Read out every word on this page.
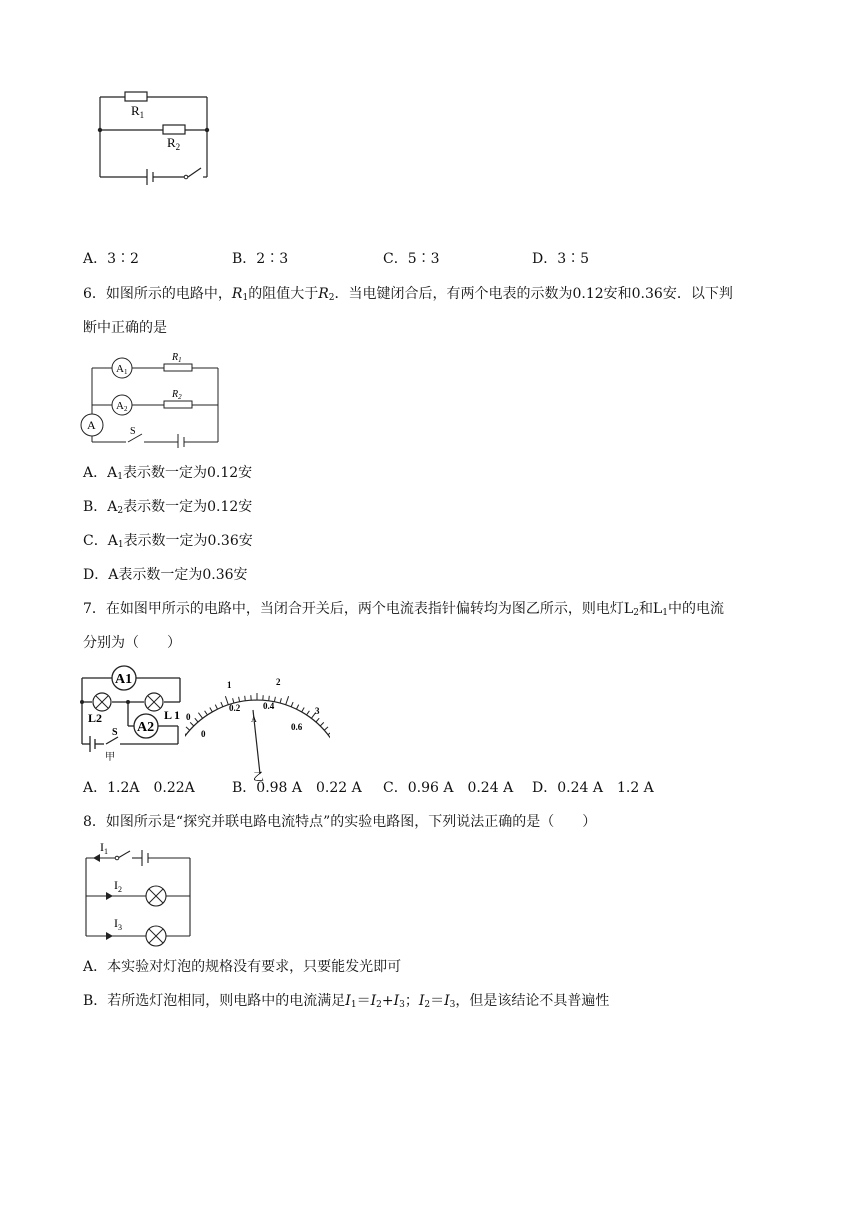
$R_1$
$R_2$
A．3∶2	B．2∶3	C．5∶3	D．3∶5
6．如图所示的电路中，$R_1$的阻值大于$R_2$．当电键闭合后，有两个电表的示数为0.12安和0.36安．以下判
断中正确的是
A1
A2
A
$R_1$
$R_2$
S
A．$A_1$表示数一定为0.12安
B．$A_2$表示数一定为0.12安
C．$A_1$表示数一定为0.36安
D．A表示数一定为0.36安
7．在如图甲所示的电路中，当闭合开关后，两个电流表指针偏转均为图乙所示，则电灯$L_2$和$L_1$中的电流
分别为（　　）
A1
A2
L2	L 1
S
甲
0
1	2
3
0
0.2	0.4
0.6
A
乙
A．1.2A　0.22A	B．0.98 A　0.22 A C．0.96 A　0.24 A D．0.24 A　1.2 A
8．如图所示是“探究并联电路电流特点”的实验电路图，下列说法正确的是（　　）
$I_1$
$I_2$
$I_3$
A．本实验对灯泡的规格没有要求，只要能发光即可
B．若所选灯泡相同，则电路中的电流满足$I_1=I_2+I_3$；$I_2=I_3$，但是该结论不具普遍性
